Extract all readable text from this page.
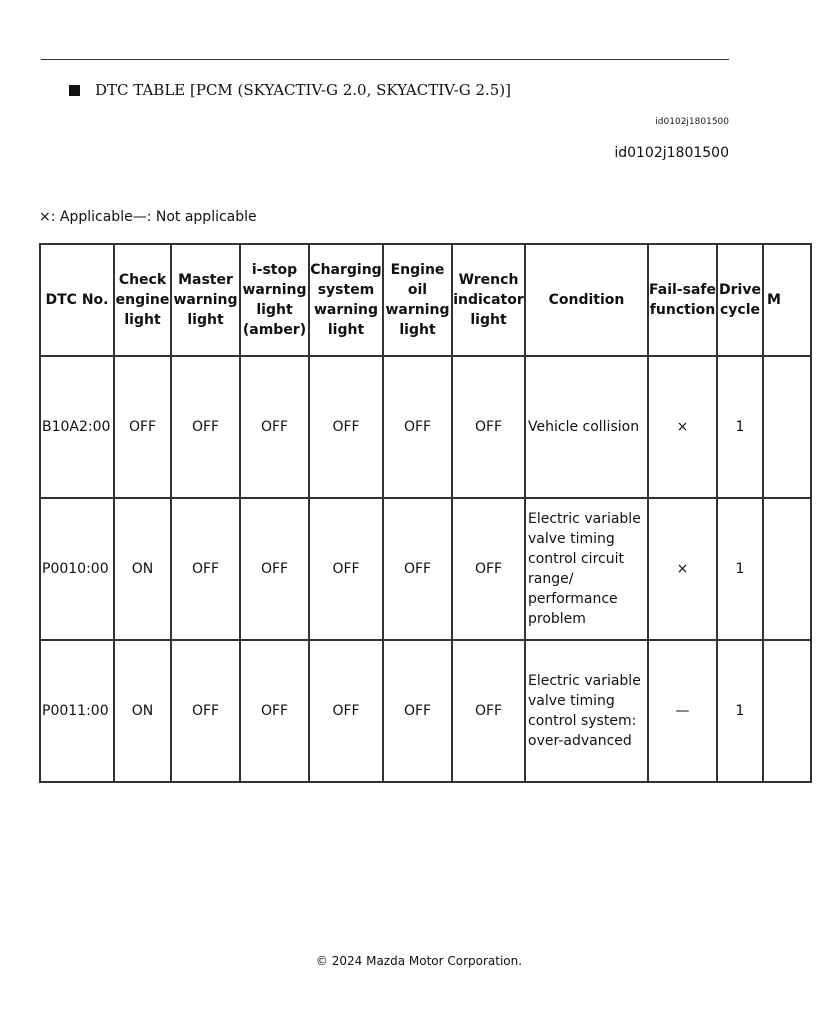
DTC TABLE [PCM (SKYACTIV-G 2.0, SKYACTIV-G 2.5)]
id0102j1801500
id0102j1801500
×: Applicable—: Not applicable
DTC No.	Check engine light	Master warning light	i-stop warning light (amber)	Charging system warning light	Engine oil warning light	Wrench indicator light	Condition	Fail-safe function	Drive cycle	M
B10A2:00	OFF	OFF	OFF	OFF	OFF	OFF	Vehicle collision	×	1	
P0010:00	ON	OFF	OFF	OFF	OFF	OFF	Electric variable valve timing control circuit range/ performance problem	×	1	
P0011:00	ON	OFF	OFF	OFF	OFF	OFF	Electric variable valve timing control system: over-advanced	—	1	
© 2024 Mazda Motor Corporation.
